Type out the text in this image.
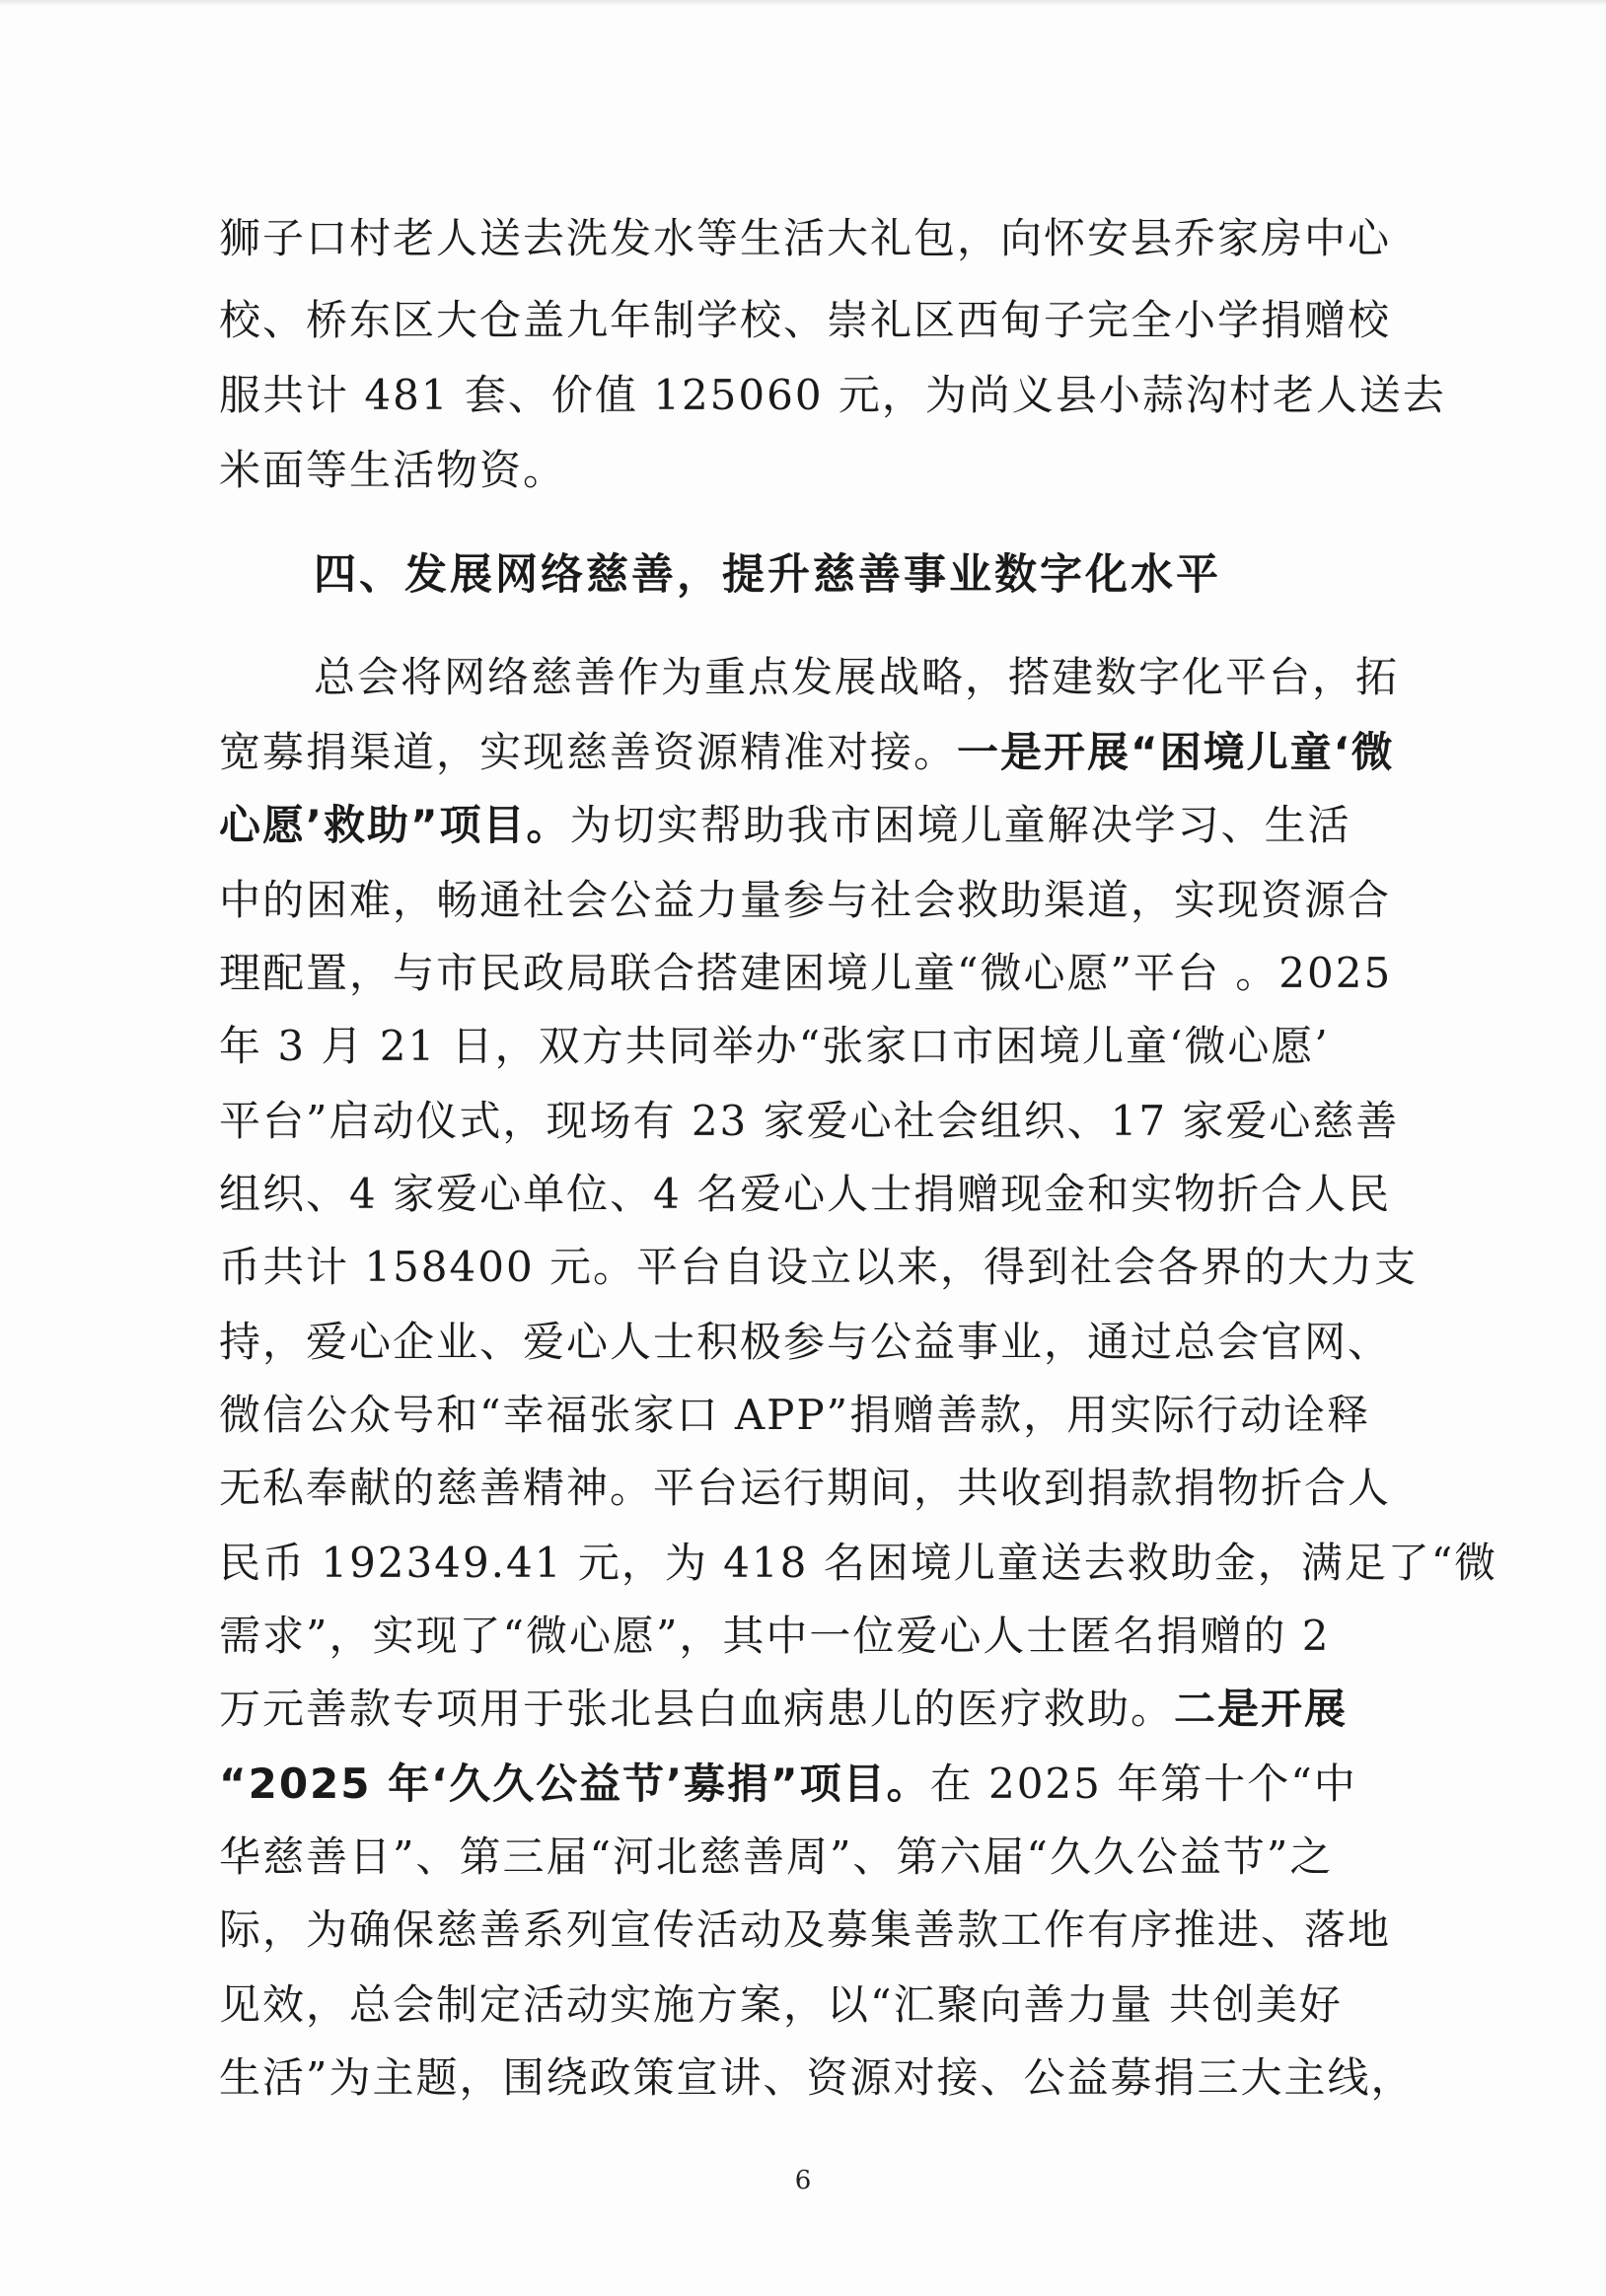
狮子口村老人送去洗发水等生活大礼包，向怀安县乔家房中心
校、桥东区大仓盖九年制学校、崇礼区西甸子完全小学捐赠校
服共计 481 套、价值 125060 元，为尚义县小蒜沟村老人送去
米面等生活物资。
四、发展网络慈善，提升慈善事业数字化水平
总会将网络慈善作为重点发展战略，搭建数字化平台，拓
宽募捐渠道，实现慈善资源精准对接。一是开展“困境儿童‘微
心愿’救助”项目。为切实帮助我市困境儿童解决学习、生活
中的困难，畅通社会公益力量参与社会救助渠道，实现资源合
理配置，与市民政局联合搭建困境儿童“微心愿”平台 。2025
年 3 月 21 日，双方共同举办“张家口市困境儿童‘微心愿’
平台”启动仪式，现场有 23 家爱心社会组织、17 家爱心慈善
组织、4 家爱心单位、4 名爱心人士捐赠现金和实物折合人民
币共计 158400 元。平台自设立以来，得到社会各界的大力支
持，爱心企业、爱心人士积极参与公益事业，通过总会官网、
微信公众号和“幸福张家口 APP”捐赠善款，用实际行动诠释
无私奉献的慈善精神。平台运行期间，共收到捐款捐物折合人
民币 192349.41 元，为 418 名困境儿童送去救助金，满足了“微
需求”，实现了“微心愿”，其中一位爱心人士匿名捐赠的 2
万元善款专项用于张北县白血病患儿的医疗救助。二是开展
“2025 年‘久久公益节’募捐”项目。在 2025 年第十个“中
华慈善日”、第三届“河北慈善周”、第六届“久久公益节”之
际，为确保慈善系列宣传活动及募集善款工作有序推进、落地
见效，总会制定活动实施方案，以“汇聚向善力量 共创美好
生活”为主题，围绕政策宣讲、资源对接、公益募捐三大主线，
6
